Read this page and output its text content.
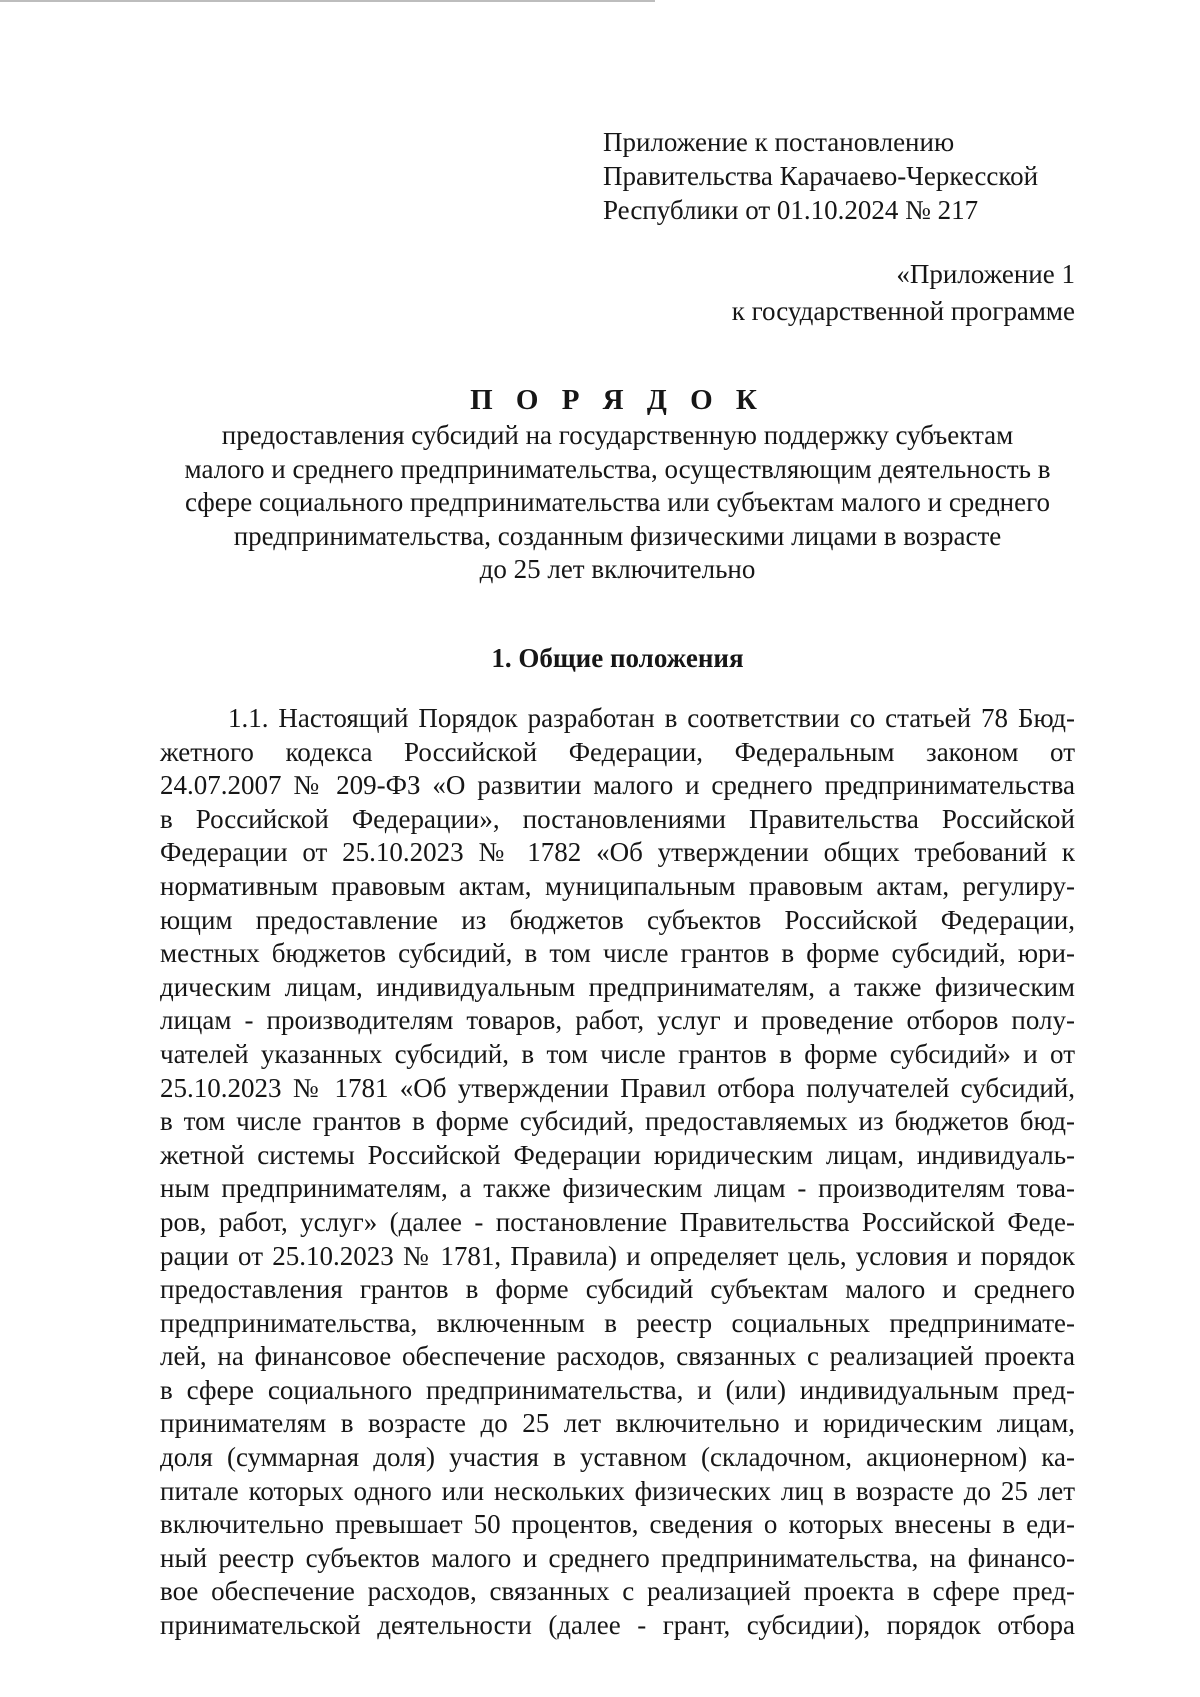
Приложение к постановлению
Правительства Карачаево-Черкесской
Республики от 01.10.2024 № 217
«Приложение 1
к государственной программе
П О Р Я Д О К
предоставления субсидий на государственную поддержку субъектам
малого и среднего предпринимательства, осуществляющим деятельность в
сфере социального предпринимательства или субъектам малого и среднего
предпринимательства, созданным физическими лицами в возрасте
до 25 лет включительно
1. Общие положения
1.1. Настоящий Порядок разработан в соответствии со статьей 78 Бюд-
жетного кодекса Российской Федерации, Федеральным законом от
24.07.2007 № 209-ФЗ «О развитии малого и среднего предпринимательства
в Российской Федерации», постановлениями Правительства Российской
Федерации от 25.10.2023 № 1782 «Об утверждении общих требований к
нормативным правовым актам, муниципальным правовым актам, регулиру-
ющим предоставление из бюджетов субъектов Российской Федерации,
местных бюджетов субсидий, в том числе грантов в форме субсидий, юри-
дическим лицам, индивидуальным предпринимателям, а также физическим
лицам - производителям товаров, работ, услуг и проведение отборов полу-
чателей указанных субсидий, в том числе грантов в форме субсидий» и от
25.10.2023 № 1781 «Об утверждении Правил отбора получателей субсидий,
в том числе грантов в форме субсидий, предоставляемых из бюджетов бюд-
жетной системы Российской Федерации юридическим лицам, индивидуаль-
ным предпринимателям, а также физическим лицам - производителям това-
ров, работ, услуг» (далее - постановление Правительства Российской Феде-
рации от 25.10.2023 № 1781, Правила) и определяет цель, условия и порядок
предоставления грантов в форме субсидий субъектам малого и среднего
предпринимательства, включенным в реестр социальных предпринимате-
лей, на финансовое обеспечение расходов, связанных с реализацией проекта
в сфере социального предпринимательства, и (или) индивидуальным пред-
принимателям в возрасте до 25 лет включительно и юридическим лицам,
доля (суммарная доля) участия в уставном (складочном, акционерном) ка-
питале которых одного или нескольких физических лиц в возрасте до 25 лет
включительно превышает 50 процентов, сведения о которых внесены в еди-
ный реестр субъектов малого и среднего предпринимательства, на финансо-
вое обеспечение расходов, связанных с реализацией проекта в сфере пред-
принимательской деятельности (далее - грант, субсидии), порядок отбора
